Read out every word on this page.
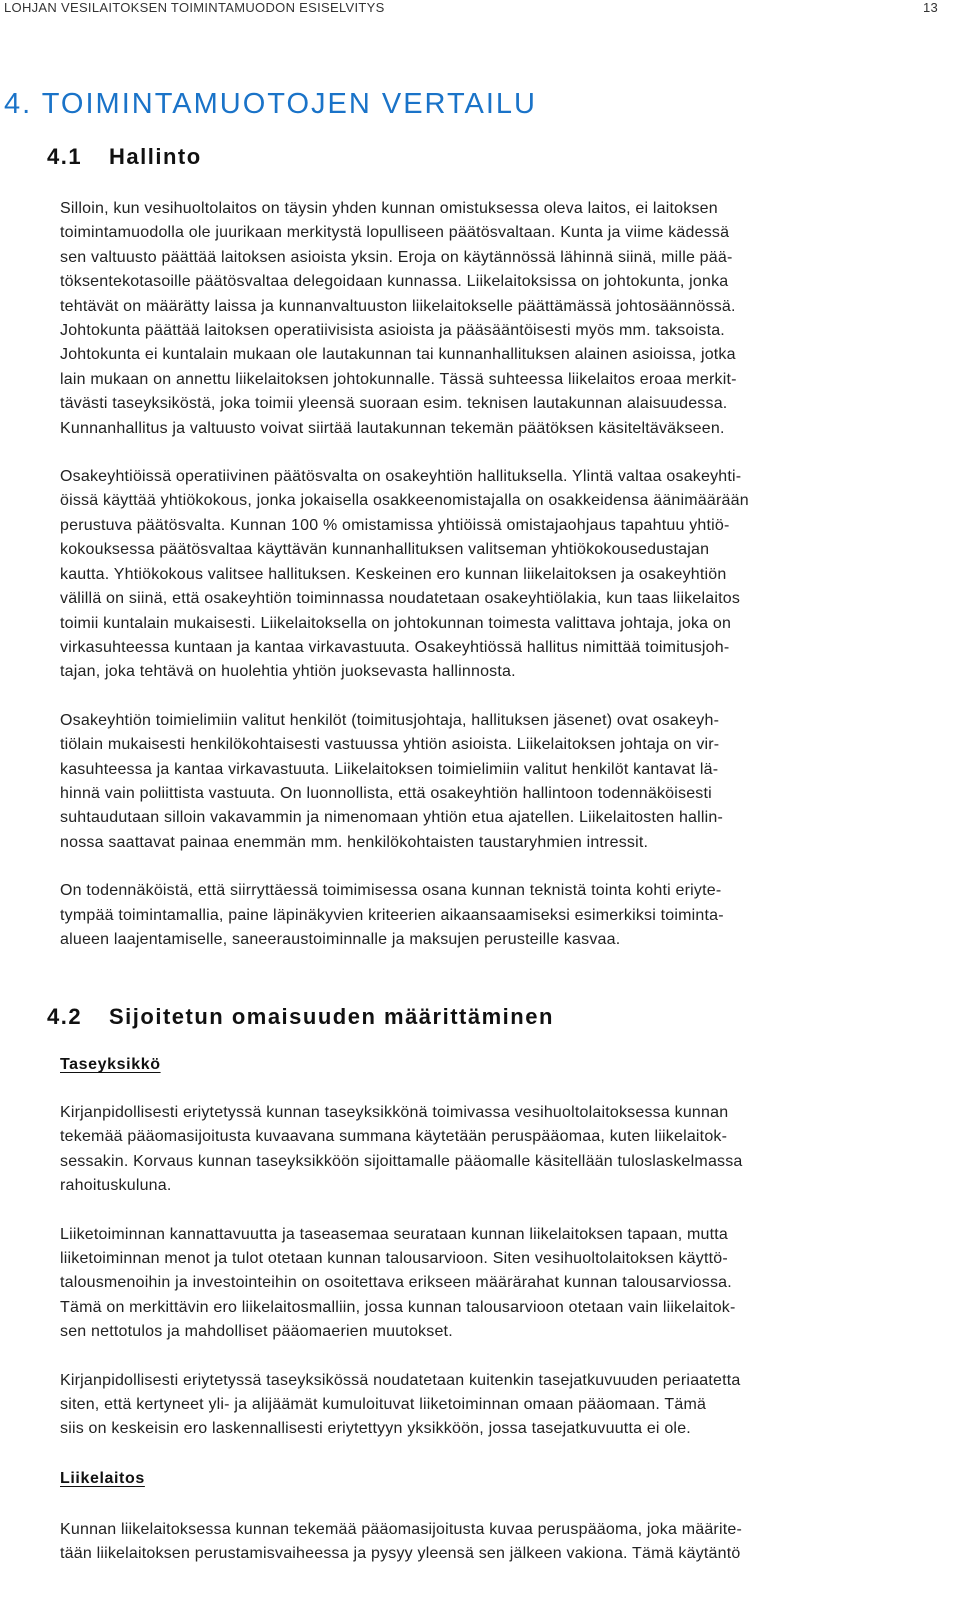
LOHJAN VESILAITOKSEN TOIMINTAMUODON ESISELVITYS	13
4. TOIMINTAMUOTOJEN VERTAILU
4.1 Hallinto

Silloin, kun vesihuoltolaitos on täysin yhden kunnan omistuksessa oleva laitos, ei laitoksen
toimintamuodolla ole juurikaan merkitystä lopulliseen päätösvaltaan. Kunta ja viime kädessä
sen valtuusto päättää laitoksen asioista yksin. Eroja on käytännössä lähinnä siinä, mille pää-
töksentekotasoille päätösvaltaa delegoidaan kunnassa. Liikelaitoksissa on johtokunta, jonka
tehtävät on määrätty laissa ja kunnanvaltuuston liikelaitokselle päättämässä johtosäännössä.
Johtokunta päättää laitoksen operatiivisista asioista ja pääsääntöisesti myös mm. taksoista.
Johtokunta ei kuntalain mukaan ole lautakunnan tai kunnanhallituksen alainen asioissa, jotka
lain mukaan on annettu liikelaitoksen johtokunnalle. Tässä suhteessa liikelaitos eroaa merkit-
tävästi taseyksiköstä, joka toimii yleensä suoraan esim. teknisen lautakunnan alaisuudessa.
Kunnanhallitus ja valtuusto voivat siirtää lautakunnan tekemän päätöksen käsiteltäväkseen.

Osakeyhtiöissä operatiivinen päätösvalta on osakeyhtiön hallituksella. Ylintä valtaa osakeyhti-
öissä käyttää yhtiökokous, jonka jokaisella osakkeenomistajalla on osakkeidensa äänimäärään
perustuva päätösvalta. Kunnan 100 % omistamissa yhtiöissä omistajaohjaus tapahtuu yhtiö-
kokouksessa päätösvaltaa käyttävän kunnanhallituksen valitseman yhtiökokousedustajan
kautta. Yhtiökokous valitsee hallituksen. Keskeinen ero kunnan liikelaitoksen ja osakeyhtiön
välillä on siinä, että osakeyhtiön toiminnassa noudatetaan osakeyhtiölakia, kun taas liikelaitos
toimii kuntalain mukaisesti. Liikelaitoksella on johtokunnan toimesta valittava johtaja, joka on
virkasuhteessa kuntaan ja kantaa virkavastuuta. Osakeyhtiössä hallitus nimittää toimitusjoh-
tajan, joka tehtävä on huolehtia yhtiön juoksevasta hallinnosta.

Osakeyhtiön toimielimiin valitut henkilöt (toimitusjohtaja, hallituksen jäsenet) ovat osakeyh-
tiölain mukaisesti henkilökohtaisesti vastuussa yhtiön asioista. Liikelaitoksen johtaja on vir-
kasuhteessa ja kantaa virkavastuuta. Liikelaitoksen toimielimiin valitut henkilöt kantavat lä-
hinnä vain poliittista vastuuta. On luonnollista, että osakeyhtiön hallintoon todennäköisesti
suhtaudutaan silloin vakavammin ja nimenomaan yhtiön etua ajatellen. Liikelaitosten hallin-
nossa saattavat painaa enemmän mm. henkilökohtaisten taustaryhmien intressit.

On todennäköistä, että siirryttäessä toimimisessa osana kunnan teknistä tointa kohti eriyte-
tympää toimintamallia, paine läpinäkyvien kriteerien aikaansaamiseksi esimerkiksi toiminta-
alueen laajentamiselle, saneeraustoiminnalle ja maksujen perusteille kasvaa.

4.2 Sijoitetun omaisuuden määrittäminen
Taseyksikkö

Kirjanpidollisesti eriytetyssä kunnan taseyksikkönä toimivassa vesihuoltolaitoksessa kunnan
tekemää pääomasijoitusta kuvaavana summana käytetään peruspääomaa, kuten liikelaitok-
sessakin. Korvaus kunnan taseyksikköön sijoittamalle pääomalle käsitellään tuloslaskelmassa
rahoituskuluna.

Liiketoiminnan kannattavuutta ja taseasemaa seurataan kunnan liikelaitoksen tapaan, mutta
liiketoiminnan menot ja tulot otetaan kunnan talousarvioon. Siten vesihuoltolaitoksen käyttö-
talousmenoihin ja investointeihin on osoitettava erikseen määrärahat kunnan talousarviossa.
Tämä on merkittävin ero liikelaitosmalliin, jossa kunnan talousarvioon otetaan vain liikelaitok-
sen nettotulos ja mahdolliset pääomaerien muutokset.

Kirjanpidollisesti eriytetyssä taseyksikössä noudatetaan kuitenkin tasejatkuvuuden periaatetta
siten, että kertyneet yli- ja alijäämät kumuloituvat liiketoiminnan omaan pääomaan. Tämä
siis on keskeisin ero laskennallisesti eriytettyyn yksikköön, jossa tasejatkuvuutta ei ole.

Liikelaitos

Kunnan liikelaitoksessa kunnan tekemää pääomasijoitusta kuvaa peruspääoma, joka määrite-
tään liikelaitoksen perustamisvaiheessa ja pysyy yleensä sen jälkeen vakiona. Tämä käytäntö
